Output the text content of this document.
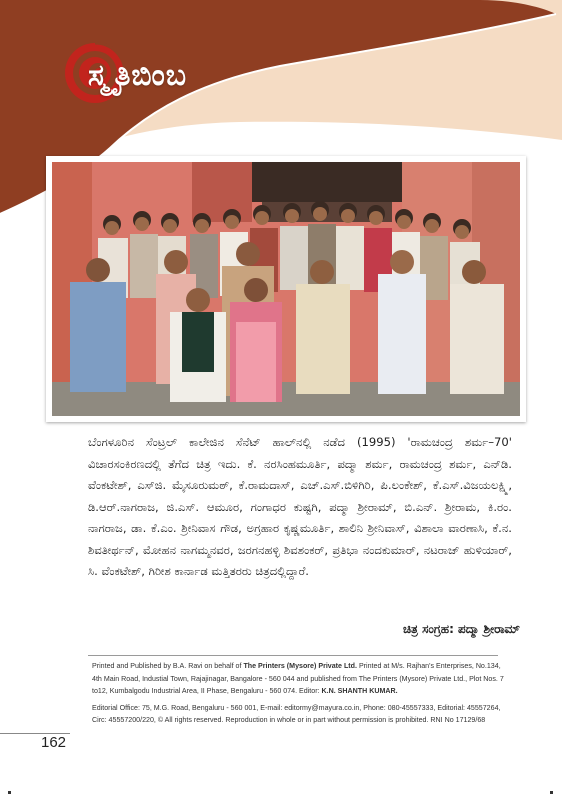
ಸ್ಮೃತಿಬಿಂಬ
ಬೆಂಗಳೂರಿನ ಸೆಂಟ್ರಲ್ ಕಾಲೇಜಿನ ಸೆನೆಟ್ ಹಾಲ್‌ನಲ್ಲಿ ನಡೆದ (1995) 'ರಾಮಚಂದ್ರ ಶರ್ಮ–70' ವಿಚಾರಸಂಕಿರಣದಲ್ಲಿ ತೆಗೆದ ಚಿತ್ರ ಇದು. ಕೆ. ನರಸಿಂಹಮೂರ್ತಿ, ಪದ್ಮಾ ಶರ್ಮ, ರಾಮಚಂದ್ರ ಶರ್ಮ, ಎನ್‌ಡಿ. ವೆಂಕಟೇಶ್, ಎಸ್‌ಜಿ. ಮೈಸೂರುಮಠ್, ಕೆ.ರಾಮದಾಸ್, ಎಚ್.ಎಸ್.ಬಿಳಿಗಿರಿ, ಪಿ.ಲಂಕೇಶ್, ಕೆ.ಎಸ್.ವಿಜಯಲಕ್ಷ್ಮಿ, ಡಿ.ಆರ್.ನಾಗರಾಜ, ಜಿ.ಎಸ್. ಆಮೂರ, ಗಂಗಾಧರ ಕುಷ್ಟಗಿ, ಪದ್ಮಾ ಶ್ರೀರಾಮ್, ಬಿ.ಎನ್. ಶ್ರೀರಾಮ, ಕಿ.ರಂ. ನಾಗರಾಜ, ಡಾ. ಕೆ.ಎಂ. ಶ್ರೀನಿವಾಸ ಗೌಡ, ಅಗ್ರಹಾರ ಕೃಷ್ಣಮೂರ್ತಿ, ಶಾಲಿನಿ ಶ್ರೀನಿವಾಸ್, ವಿಶಾಲಾ ವಾರಣಾಸಿ, ಕೆ.ನ. ಶಿವತೀರ್ಥನ್, ಮೋಹನ ನಾಗಮ್ಮನವರ, ಜರಗನಹಳ್ಳಿ ಶಿವಶಂಕರ್, ಪ್ರತಿಭಾ ನಂದಕುಮಾರ್, ನಟರಾಜ್ ಹುಳಿಯಾರ್, ಸಿ. ವೆಂಕಟೇಶ್, ಗಿರೀಶ ಕಾರ್ನಾಡ ಮತ್ತಿತರರು ಚಿತ್ರದಲ್ಲಿದ್ದಾರೆ.
ಚಿತ್ರ ಸಂಗ್ರಹ: ಪದ್ಮಾ ಶ್ರೀರಾಮ್

Printed and Published by B.A. Ravi on behalf of The Printers (Mysore) Private Ltd. Printed at M/s. Rajhan's Enterprises, No.134, 4th Main Road, Industial Town, Rajajinagar, Bangalore - 560 044 and published from The Printers (Mysore) Private Ltd., Plot Nos. 7 to12, Kumbalgodu Industrial Area, II Phase, Bengaluru - 560 074. Editor: K.N. SHANTH KUMAR.

Editorial Office: 75, M.G. Road, Bengaluru - 560 001, E-mail: editormy@mayura.co.in, Phone: 080-45557333, Editorial: 45557264, Circ: 45557200/220, © All rights reserved. Reproduction in whole or in part without permission is prohibited. RNI No 17129/68

162
